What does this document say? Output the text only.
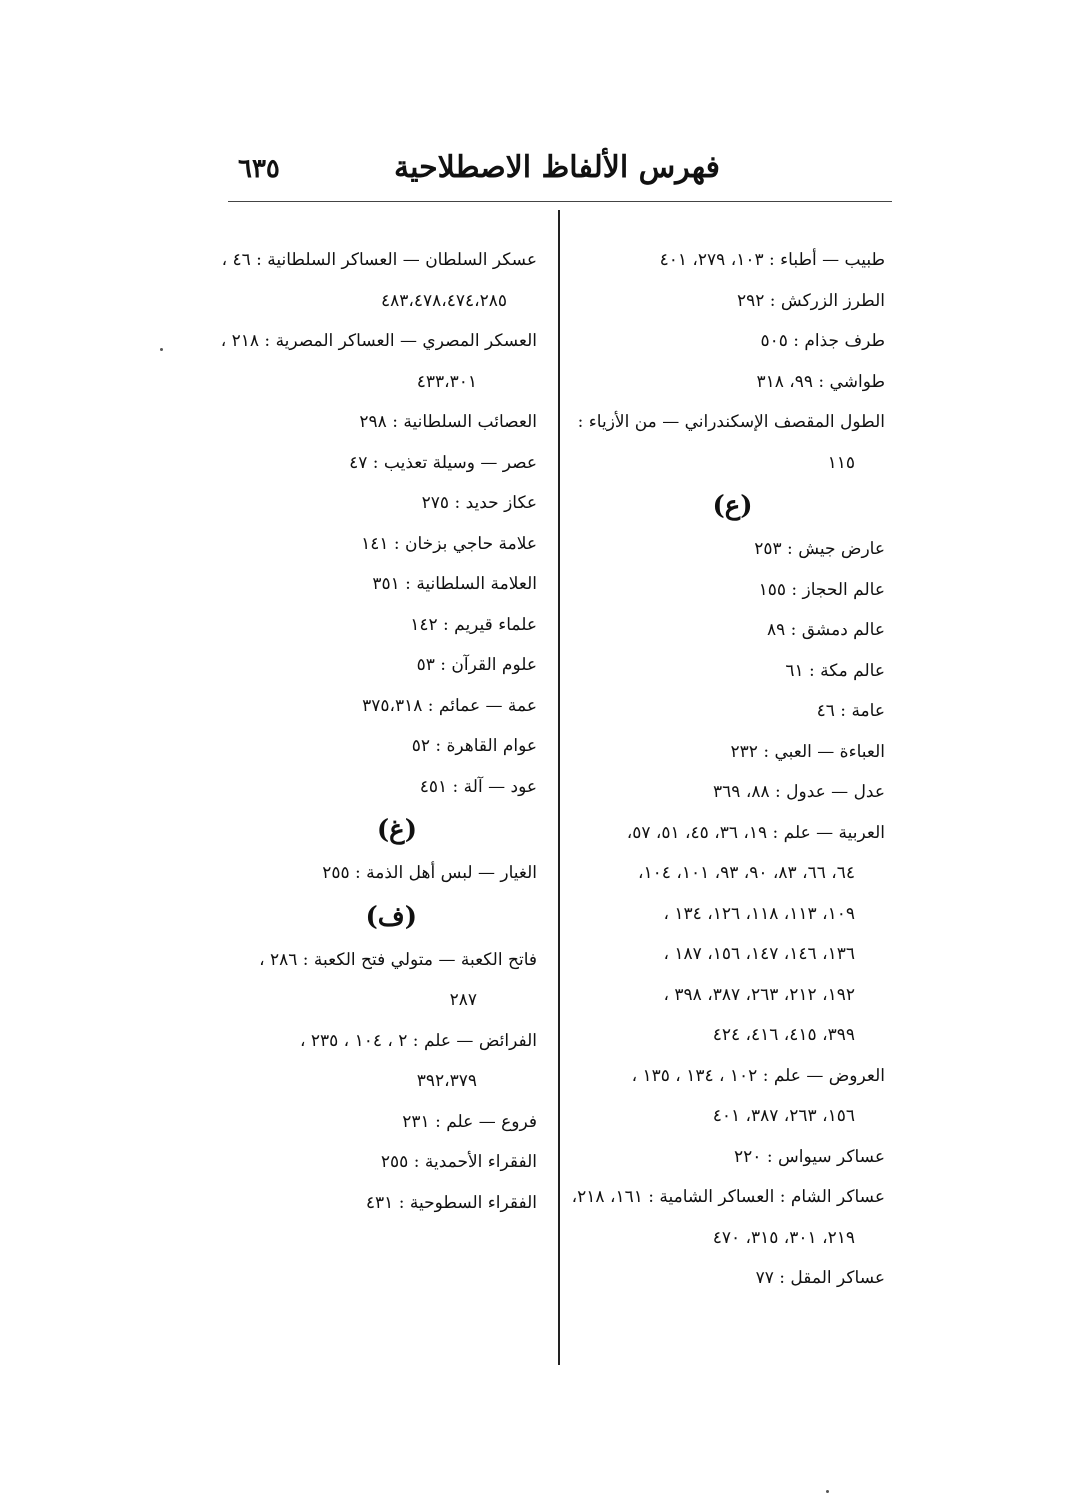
فهرس الألفاظ الاصطلاحية
٦٣٥
طبيب — أطباء : ١٠٣، ٢٧٩، ٤٠١
الطرز الزركش : ٢٩٢
طرف جذام : ٥٠٥
طواشي : ٩٩، ٣١٨
الطول المقصف الإسكندراني — من الأزياء :
١١٥
(ع)
عارض جيش : ٢٥٣
عالم الحجاز : ١٥٥
عالم دمشق : ٨٩
عالم مكة : ٦١
عامة : ٤٦
العباءة — العبي : ٢٣٢
عدل — عدول : ٨٨، ٣٦٩
العربية — علم : ١٩، ٣٦، ٤٥، ٥١، ٥٧،
٦٤، ٦٦، ٨٣، ٩٠، ٩٣، ١٠١، ١٠٤،
١٠٩، ١١٣، ١١٨، ١٢٦، ١٣٤ ،
١٣٦، ١٤٦، ١٤٧، ١٥٦، ١٨٧ ،
١٩٢، ٢١٢، ٢٦٣، ٣٨٧، ٣٩٨ ،
٣٩٩، ٤١٥، ٤١٦، ٤٢٤
العروض — علم : ١٠٢ ، ١٣٤ ، ١٣٥ ،
١٥٦، ٢٦٣، ٣٨٧، ٤٠١
عساكر سيواس : ٢٢٠
عساكر الشام : العساكر الشامية : ١٦١، ٢١٨،
٢١٩، ٣٠١، ٣١٥، ٤٧٠
عساكر المقل : ٧٧
عسكر السلطان — العساكر السلطانية : ٤٦ ،
٤٨٣،٤٧٨،٤٧٤،٢٨٥
العسكر المصري — العساكر المصرية : ٢١٨ ،
٤٣٣،٣٠١
العصائب السلطانية : ٢٩٨
عصر — وسيلة تعذيب : ٤٧
عكاز حديد : ٢٧٥
علامة حاجي بزخان : ١٤١
العلامة السلطانية : ٣٥١
علماء قيريم : ١٤٢
علوم القرآن : ٥٣
عمة — عمائم : ٣٧٥،٣١٨
عوام القاهرة : ٥٢
عود — آلة : ٤٥١
(غ)
الغيار — لبس أهل الذمة : ٢٥٥
(ف)
فاتح الكعبة — متولي فتح الكعبة : ٢٨٦ ،
٢٨٧
الفرائض — علم : ٢ ، ١٠٤ ، ٢٣٥ ،
٣٩٢،٣٧٩
فروع — علم : ٢٣١
الفقراء الأحمدية : ٢٥٥
الفقراء السطوحية : ٤٣١
